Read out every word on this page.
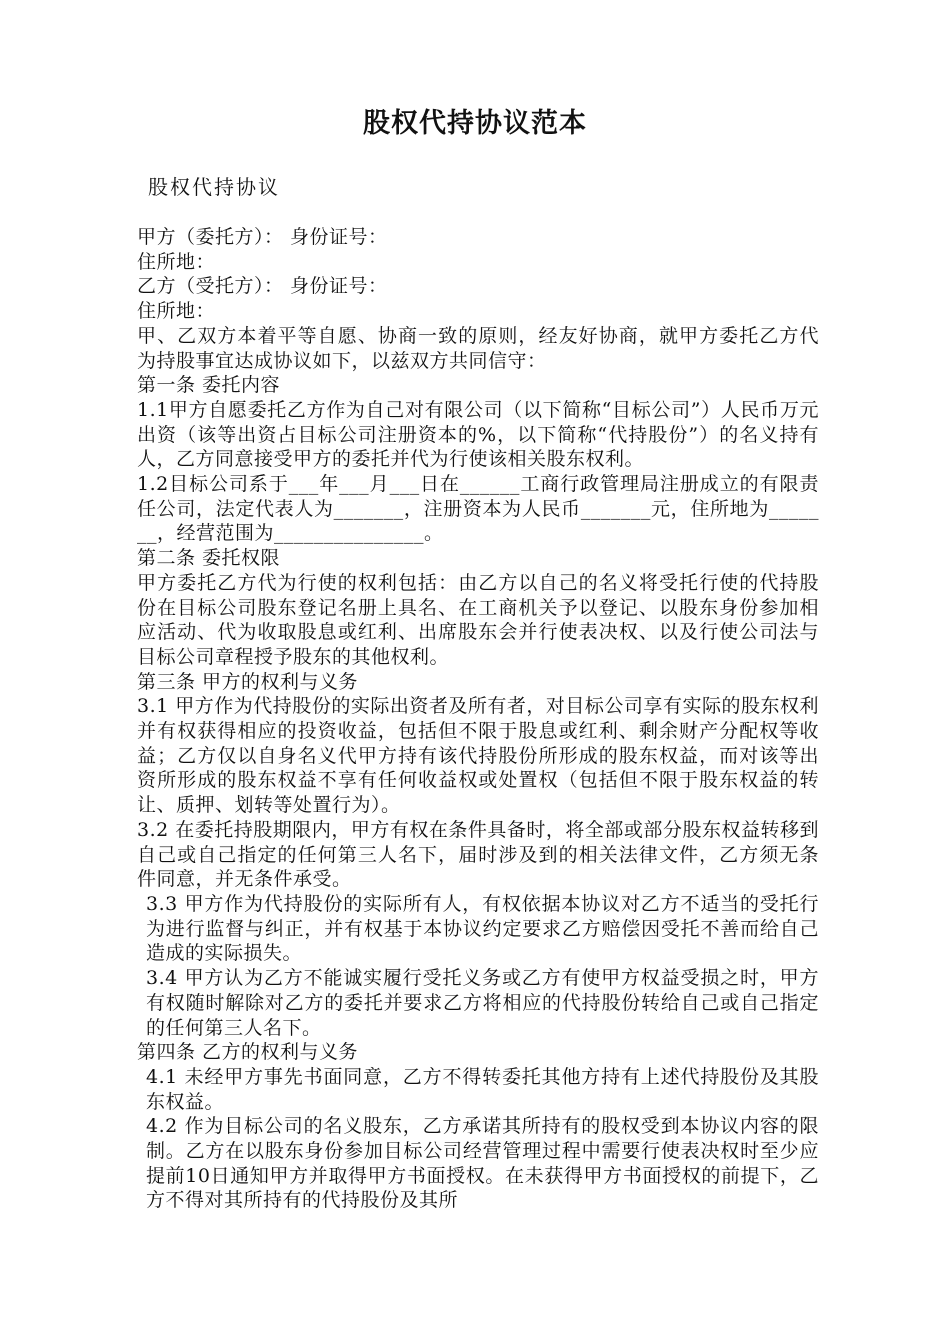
股权代持协议范本
股权代持协议

甲方（委托方）： 身份证号：

住所地：

乙方（受托方）： 身份证号：

住所地：

甲、乙双方本着平等自愿、协商一致的原则，经友好协商，就甲方委托乙方代为持股事宜达成协议如下，以兹双方共同信守：

第一条 委托内容

1.1甲方自愿委托乙方作为自己对有限公司（以下简称“目标公司”）人民币万元出资（该等出资占目标公司注册资本的%，以下简称“代持股份”）的名义持有人，乙方同意接受甲方的委托并代为行使该相关股东权利。

1.2目标公司系于___年___月___日在______工商行政管理局注册成立的有限责任公司，法定代表人为_______，注册资本为人民币_______元，住所地为_______，经营范围为_______________。

第二条 委托权限

甲方委托乙方代为行使的权利包括：由乙方以自己的名义将受托行使的代持股份在目标公司股东登记名册上具名、在工商机关予以登记、以股东身份参加相应活动、代为收取股息或红利、出席股东会并行使表决权、以及行使公司法与目标公司章程授予股东的其他权利。

第三条 甲方的权利与义务

3.1 甲方作为代持股份的实际出资者及所有者，对目标公司享有实际的股东权利并有权获得相应的投资收益，包括但不限于股息或红利、剩余财产分配权等收益；乙方仅以自身名义代甲方持有该代持股份所形成的股东权益，而对该等出资所形成的股东权益不享有任何收益权或处置权（包括但不限于股东权益的转让、质押、划转等处置行为）。

3.2 在委托持股期限内，甲方有权在条件具备时，将全部或部分股东权益转移到自己或自己指定的任何第三人名下，届时涉及到的相关法律文件，乙方须无条件同意，并无条件承受。

3.3 甲方作为代持股份的实际所有人，有权依据本协议对乙方不适当的受托行为进行监督与纠正，并有权基于本协议约定要求乙方赔偿因受托不善而给自己造成的实际损失。

3.4 甲方认为乙方不能诚实履行受托义务或乙方有使甲方权益受损之时，甲方有权随时解除对乙方的委托并要求乙方将相应的代持股份转给自己或自己指定的任何第三人名下。

第四条 乙方的权利与义务

4.1 未经甲方事先书面同意，乙方不得转委托其他方持有上述代持股份及其股东权益。

4.2 作为目标公司的名义股东，乙方承诺其所持有的股权受到本协议内容的限制。乙方在以股东身份参加目标公司经营管理过程中需要行使表决权时至少应提前10日通知甲方并取得甲方书面授权。在未获得甲方书面授权的前提下，乙方不得对其所持有的代持股份及其所
